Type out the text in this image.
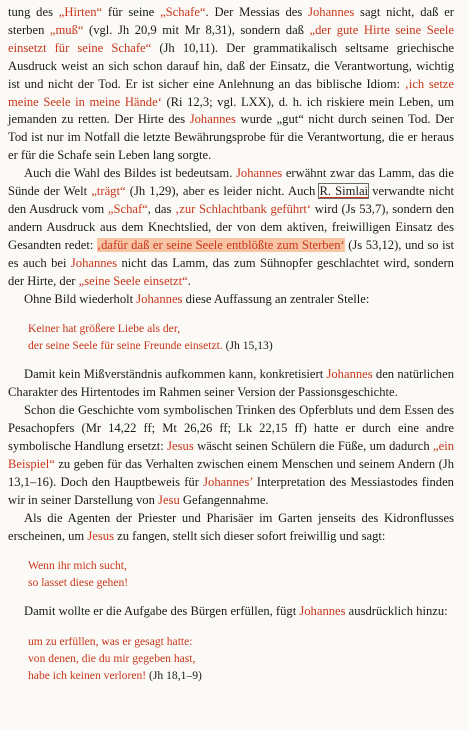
tung des „Hirten“ für seine „Schafe“. Der Messias des Johannes sagt nicht, daß er sterben „muß“ (vgl. Jh 20,9 mit Mr 8,31), sondern daß „der gute Hirte seine Seele einsetzt für seine Schafe“ (Jh 10,11). Der grammatikalisch seltsame griechische Ausdruck weist an sich schon darauf hin, daß der Einsatz, die Verantwortung, wichtig ist und nicht der Tod. Er ist sicher eine Anlehnung an das biblische Idiom: ‚ich setze meine Seele in meine Hände‘ (Ri 12,3; vgl. LXX), d. h. ich riskiere mein Leben, um jemanden zu retten. Der Hirte des Johannes wurde „gut“ nicht durch seinen Tod. Der Tod ist nur im Notfall die letzte Bewährungsprobe für die Verantwortung, die er heraus er für die Schafe sein Leben lang sorgte.

Auch die Wahl des Bildes ist bedeutsam. Johannes erwähnt zwar das Lamm, das die Sünde der Welt „trägt“ (Jh 1,29), aber es leider nicht. Auch R. Simlai verwandte nicht den Ausdruck vom „Schaf“, das ‚zur Schlachtbank geführt‘ wird (Js 53,7), sondern den andern Ausdruck aus dem Knechtslied, der von dem aktiven, freiwilligen Einsatz des Gesandten redet: ‚dafür daß er seine Seele entblößte zum Sterben‘ (Js 53,12), und so ist es auch bei Johannes nicht das Lamm, das zum Sühnopfer geschlachtet wird, sondern der Hirte, der „seine Seele einsetzt“.

Ohne Bild wiederholt Johannes diese Auffassung an zentraler Stelle:

Keiner hat größere Liebe als der,
der seine Seele für seine Freunde einsetzt. (Jh 15,13)

Damit kein Mißverständnis aufkommen kann, konkretisiert Johannes den natürlichen Charakter des Hirtentodes im Rahmen seiner Version der Passionsgeschichte.

Schon die Geschichte vom symbolischen Trinken des Opferbluts und dem Essen des Pesachopfers (Mr 14,22 ff; Mt 26,26 ff; Lk 22,15 ff) hatte er durch eine andre symbolische Handlung ersetzt: Jesus wäscht seinen Schülern die Füße, um dadurch „ein Beispiel“ zu geben für das Verhalten zwischen einem Menschen und seinem Andern (Jh 13,1–16). Doch den Hauptbeweis für Johannes’ Interpretation des Messiastodes finden wir in seiner Darstellung von Jesu Gefangennahme.

Als die Agenten der Priester und Pharisäer im Garten jenseits des Kidronflusses erscheinen, um Jesus zu fangen, stellt sich dieser sofort freiwillig und sagt:

Wenn ihr mich sucht,
so lasset diese gehen!

Damit wollte er die Aufgabe des Bürgen erfüllen, fügt Johannes ausdrücklich hinzu:

um zu erfüllen, was er gesagt hatte:
von denen, die du mir gegeben hast,
habe ich keinen verloren! (Jh 18,1–9)
